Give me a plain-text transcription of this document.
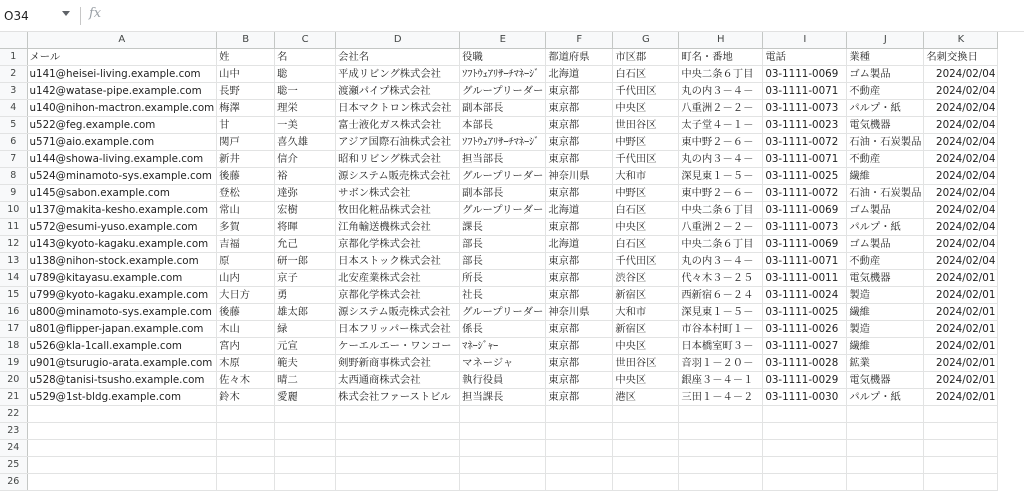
O34	fx
	A	B	C	D	E	F	G	H	I	J	K
1	メール	姓	名	会社名	役職	都道府県	市区郡	町名・番地	電話	業種	名刺交換日
2	u141@heisei-living.example.com	山中	聡	平成リビング株式会社	ｿﾌﾄｳｪｱﾘｻｰﾁﾏﾈｰｼﾞ	北海道	白石区	中央二条６丁目	03-1111-0069	ゴム製品	2024/02/04
3	u142@watase-pipe.example.com	長野	聡一	渡瀬パイプ株式会社	グループリーダー	東京都	千代田区	丸の内３－４－	03-1111-0071	不動産	2024/02/04
4	u140@nihon-mactron.example.com	梅澤	理栄	日本マクトロン株式会社	副本部長	東京都	中央区	八重洲２－２－	03-1111-0073	パルプ・紙	2024/02/04
5	u522@feg.example.com	甘	一美	富士液化ガス株式会社	本部長	東京都	世田谷区	太子堂４－１－	03-1111-0023	電気機器	2024/02/04
6	u571@aio.example.com	関戸	喜久雄	アジア国際石油株式会社	ｿﾌﾄｳｪｱﾘｻｰﾁﾏﾈｰｼﾞ	東京都	中野区	東中野２－６－	03-1111-0072	石油・石炭製品	2024/02/04
7	u144@showa-living.example.com	新井	信介	昭和リビング株式会社	担当部長	東京都	千代田区	丸の内３－４－	03-1111-0071	不動産	2024/02/04
8	u524@minamoto-sys.example.com	後藤	裕	源システム販売株式会社	グループリーダー	神奈川県	大和市	深見東１－５－	03-1111-0025	繊維	2024/02/04
9	u145@sabon.example.com	登松	達弥	サボン株式会社	副本部長	東京都	中野区	東中野２－６－	03-1111-0072	石油・石炭製品	2024/02/04
10	u137@makita-kesho.example.com	常山	宏樹	牧田化粧品株式会社	グループリーダー	北海道	白石区	中央二条６丁目	03-1111-0069	ゴム製品	2024/02/04
11	u572@esumi-yuso.example.com	多賀	将暉	江角輸送機株式会社	課長	東京都	中央区	八重洲２－２－	03-1111-0073	パルプ・紙	2024/02/04
12	u143@kyoto-kagaku.example.com	吉福	允己	京都化学株式会社	部長	北海道	白石区	中央二条６丁目	03-1111-0069	ゴム製品	2024/02/04
13	u138@nihon-stock.example.com	原	研一郎	日本ストック株式会社	部長	東京都	千代田区	丸の内３－４－	03-1111-0071	不動産	2024/02/04
14	u789@kitayasu.example.com	山内	京子	北安産業株式会社	所長	東京都	渋谷区	代々木３－２５	03-1111-0011	電気機器	2024/02/01
15	u799@kyoto-kagaku.example.com	大日方	勇	京都化学株式会社	社長	東京都	新宿区	西新宿６－２４	03-1111-0024	製造	2024/02/01
16	u800@minamoto-sys.example.com	後藤	雄太郎	源システム販売株式会社	グループリーダー	神奈川県	大和市	深見東１－５－	03-1111-0025	繊維	2024/02/01
17	u801@flipper-japan.example.com	木山	緑	日本フリッパー株式会社	係長	東京都	新宿区	市谷本村町１－	03-1111-0026	製造	2024/02/01
18	u526@kla-1call.example.com	宮内	元宣	ケーエルエー・ワンコー	ﾏﾈｰｼﾞｬｰ	東京都	中央区	日本橋室町３－	03-1111-0027	繊維	2024/02/01
19	u901@tsurugio-arata.example.com	木原	範夫	剣野新商事株式会社	マネージャ	東京都	世田谷区	音羽１－２０－	03-1111-0028	鉱業	2024/02/01
20	u528@tanisi-tsusho.example.com	佐々木	晴二	太西通商株式会社	執行役員	東京都	中央区	銀座３－４－１	03-1111-0029	電気機器	2024/02/01
21	u529@1st-bldg.example.com	鈴木	愛麗	株式会社ファーストビル	担当課長	東京都	港区	三田１－４－２	03-1111-0030	パルプ・紙	2024/02/01
22											
23											
24											
25											
26											
